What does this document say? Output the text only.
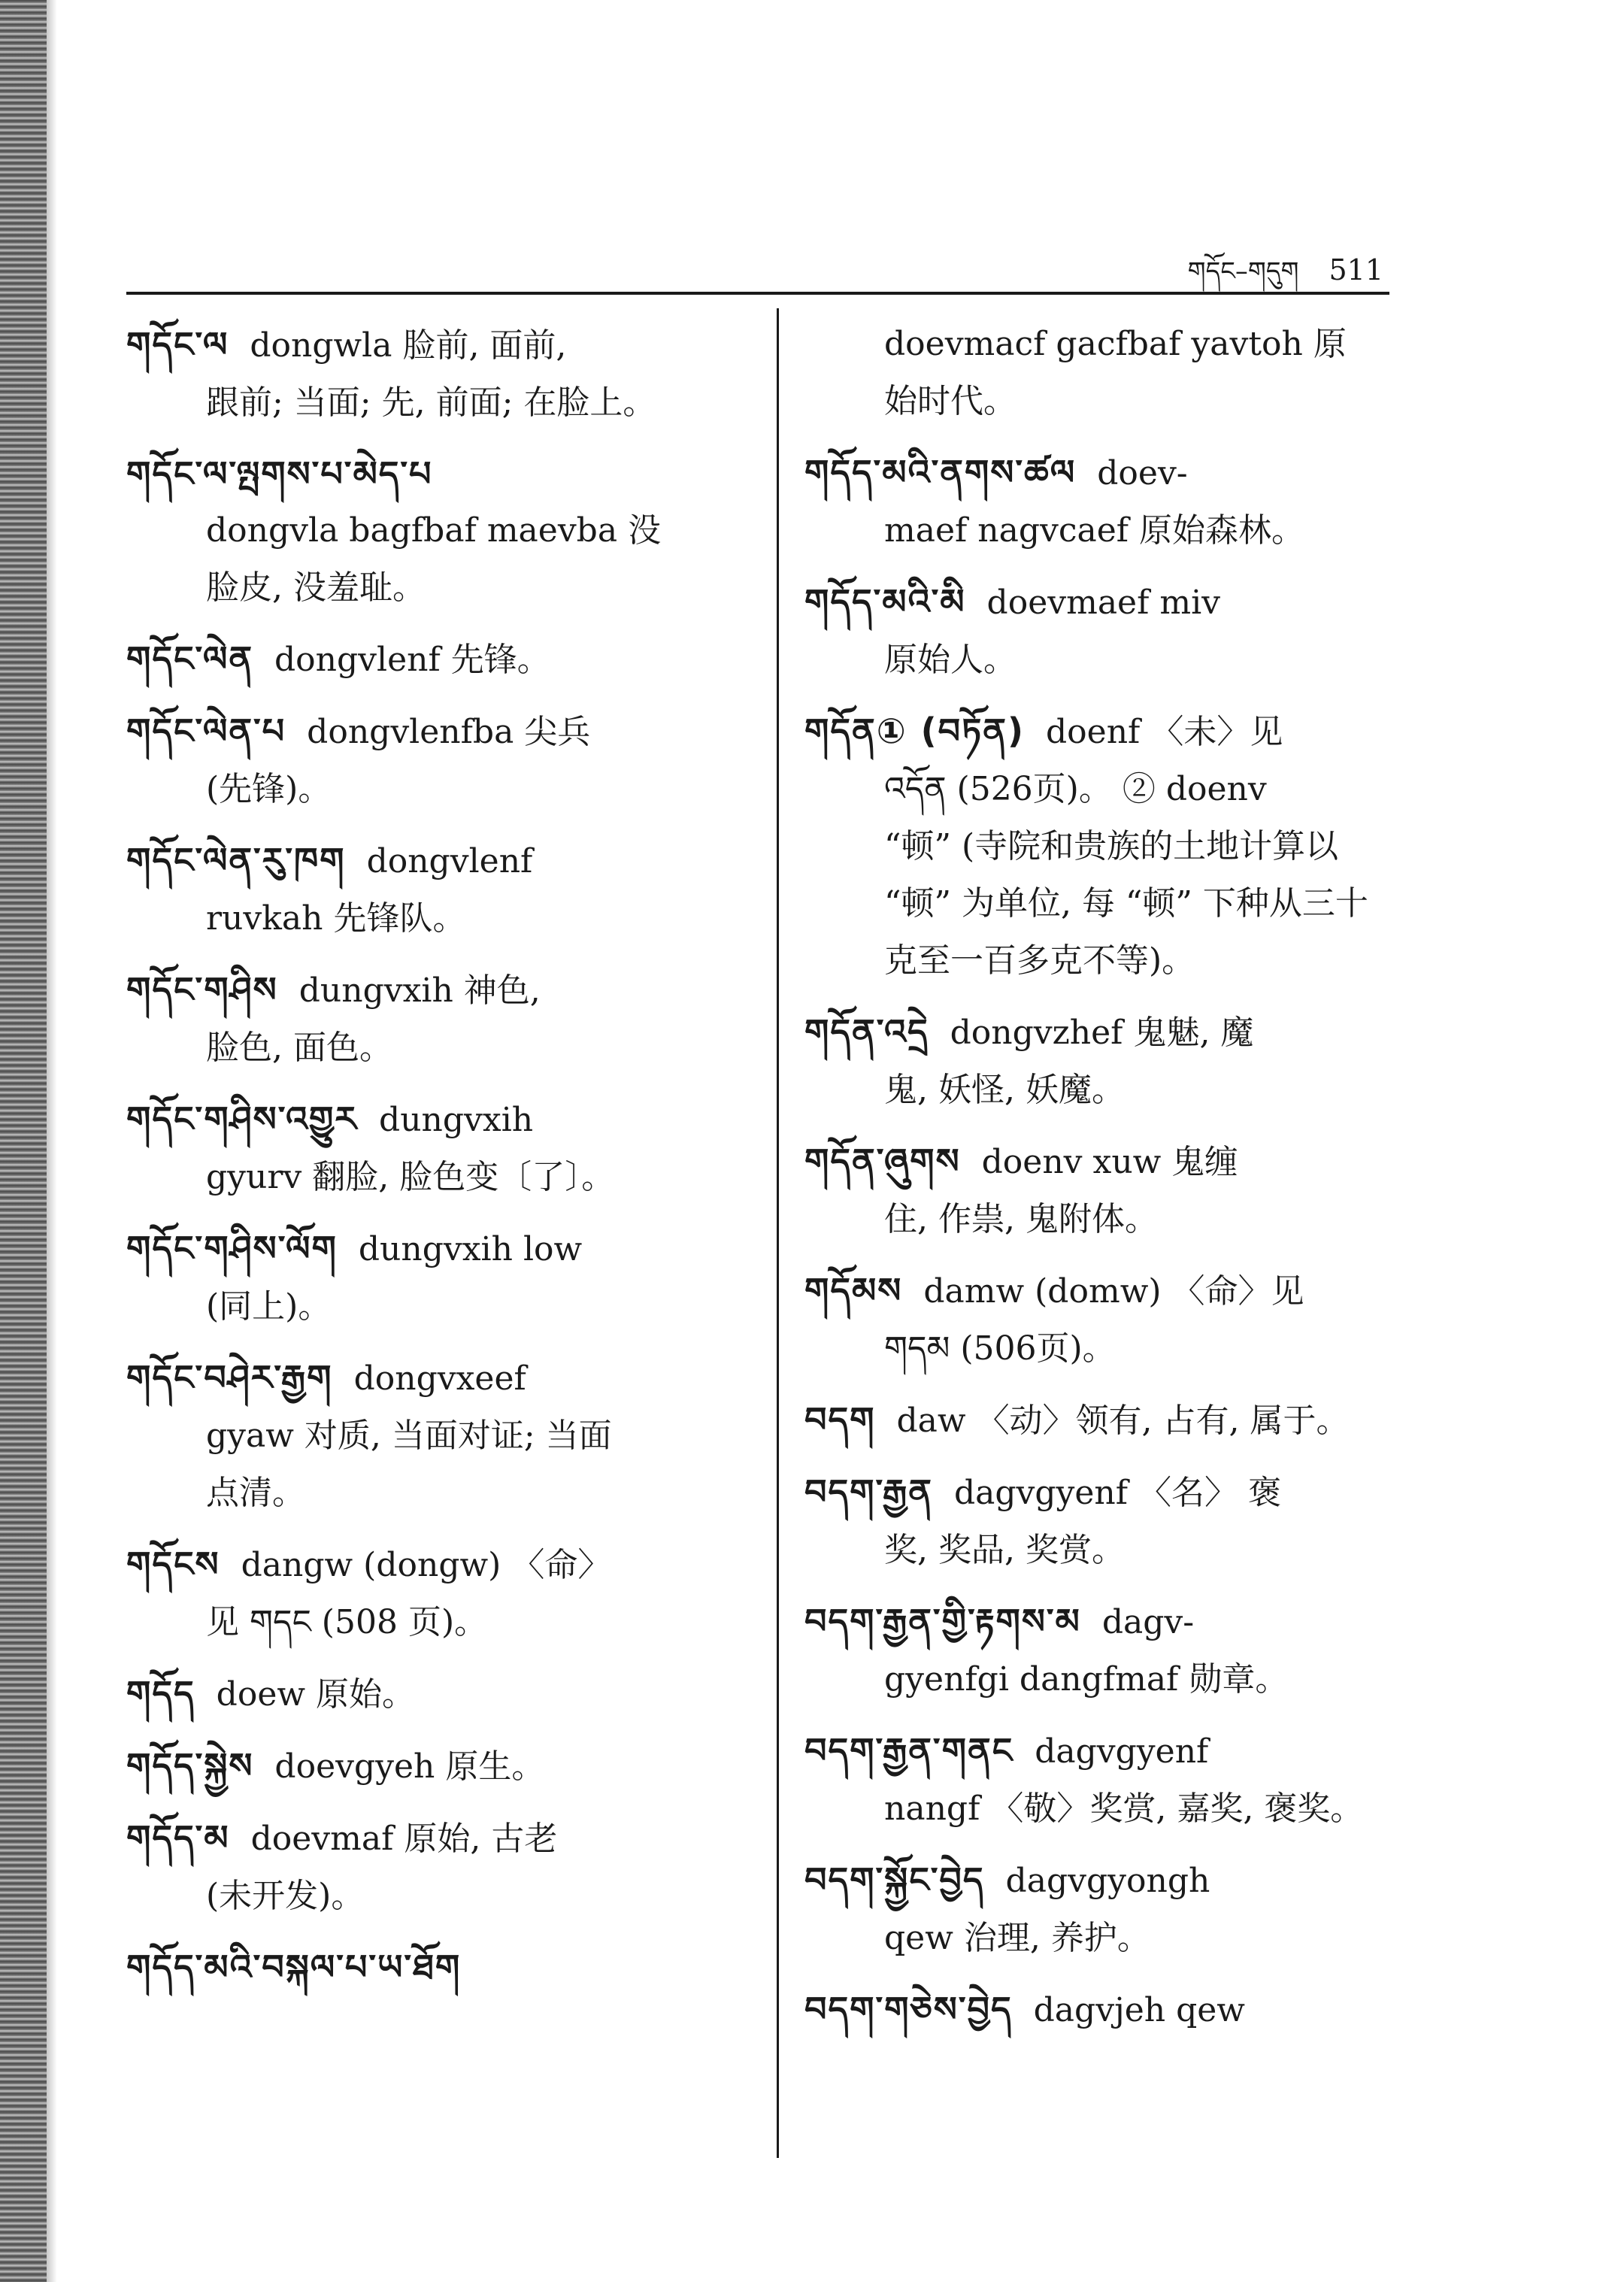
གདོང–གདུག 511
གདོང་ལ dongwla 脸前, 面前,
跟前; 当面; 先, 前面; 在脸上。
གདོང་ལ་ལྤགས་པ་མེད་པ
dongvla bagfbaf maevba 没
脸皮, 没羞耻。
གདོང་ལེན dongvlenf 先锋。
གདོང་ལེན་པ dongvlenfba 尖兵
(先锋)。
གདོང་ལེན་རུ་ཁག dongvlenf
ruvkah 先锋队。
གདོང་གཤིས dungvxih 神色,
脸色, 面色。
གདོང་གཤིས་འགྱུར dungvxih
gyurv 翻脸, 脸色变〔了〕。
གདོང་གཤིས་ལོག dungvxih low
(同上)。
གདོང་བཤེར་རྒྱག dongvxeef
gyaw 对质, 当面对证; 当面
点清。
གདོངས dangw (dongw) 〈命〉
见 གདང (508 页)。
གདོད doew 原始。
གདོད་སྐྱེས doevgyeh 原生。
གདོད་མ doevmaf 原始, 古老
(未开发)。
གདོད་མའི་བསྐལ་པ་ཡ་ཐོག
doevmacf gacfbaf yavtoh 原
始时代。
གདོད་མའི་ནགས་ཚལ doev-
maef nagvcaef 原始森林。
གདོད་མའི་མི doevmaef miv
原始人。
གདོན① (བཏོན) doenf 〈未〉见
འདོན (526页)。 ② doenv
“顿” (寺院和贵族的土地计算以
“顿” 为单位, 每 “顿” 下种从三十
克至一百多克不等)。
གདོན་འདྲེ dongvzhef 鬼魅, 魔
鬼, 妖怪, 妖魔。
གདོན་ཞུགས doenv xuw 鬼缠
住, 作祟, 鬼附体。
གདོམས damw (domw) 〈命〉见
གདམ (506页)。
བདག daw 〈动〉领有, 占有, 属于。
བདག་རྒྱན dagvgyenf 〈名〉 褒
奖, 奖品, 奖赏。
བདག་རྒྱན་གྱི་རྟགས་མ dagv-
gyenfgi dangfmaf 勋章。
བདག་རྒྱན་གནང dagvgyenf
nangf 〈敬〉奖赏, 嘉奖, 褒奖。
བདག་སྐྱོང་བྱེད dagvgyongh
qew 治理, 养护。
བདག་གཅེས་བྱེད dagvjeh qew
